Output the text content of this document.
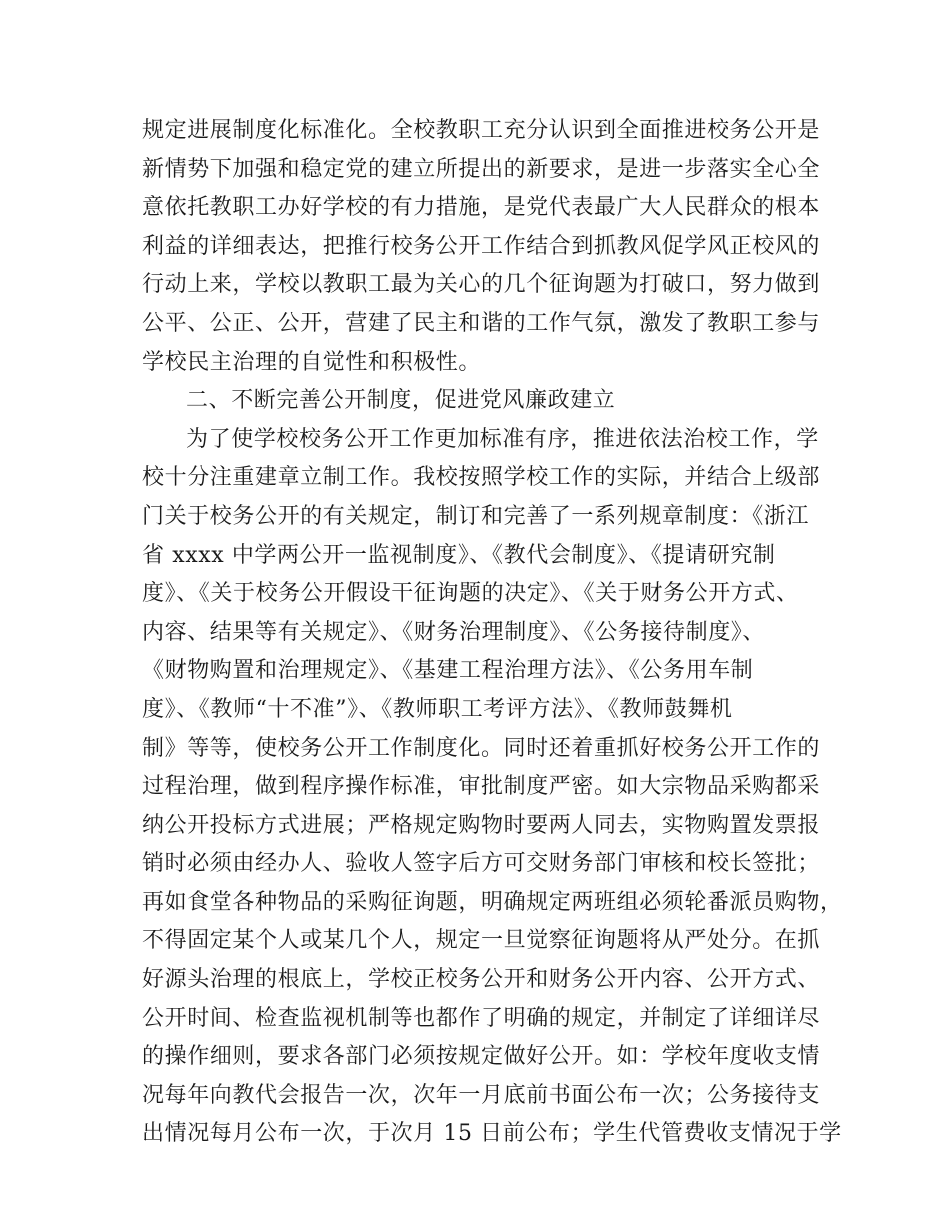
规定进展制度化标准化。全校教职工充分认识到全面推进校务公开是
新情势下加强和稳定党的建立所提出的新要求，是进一步落实全心全
意依托教职工办好学校的有力措施，是党代表最广大人民群众的根本
利益的详细表达，把推行校务公开工作结合到抓教风促学风正校风的
行动上来，学校以教职工最为关心的几个征询题为打破口，努力做到
公平、公正、公开，营建了民主和谐的工作气氛，激发了教职工参与
学校民主治理的自觉性和积极性。
二、不断完善公开制度，促进党风廉政建立
为了使学校校务公开工作更加标准有序，推进依法治校工作，学
校十分注重建章立制工作。我校按照学校工作的实际，并结合上级部
门关于校务公开的有关规定，制订和完善了一系列规章制度：《浙江
省 xxxx 中学两公开一监视制度》、《教代会制度》、《提请研究制
度》、《关于校务公开假设干征询题的决定》、《关于财务公开方式、
内容、结果等有关规定》、《财务治理制度》、《公务接待制度》、
《财物购置和治理规定》、《基建工程治理方法》、《公务用车制
度》、《教师“十不准”》、《教师职工考评方法》、《教师鼓舞机
制》等等，使校务公开工作制度化。同时还着重抓好校务公开工作的
过程治理，做到程序操作标准，审批制度严密。如大宗物品采购都采
纳公开投标方式进展；严格规定购物时要两人同去，实物购置发票报
销时必须由经办人、验收人签字后方可交财务部门审核和校长签批；
再如食堂各种物品的采购征询题，明确规定两班组必须轮番派员购物，
不得固定某个人或某几个人，规定一旦觉察征询题将从严处分。在抓
好源头治理的根底上，学校正校务公开和财务公开内容、公开方式、
公开时间、检查监视机制等也都作了明确的规定，并制定了详细详尽
的操作细则，要求各部门必须按规定做好公开。如：学校年度收支情
况每年向教代会报告一次，次年一月底前书面公布一次；公务接待支
出情况每月公布一次，于次月 15 日前公布；学生代管费收支情况于学
